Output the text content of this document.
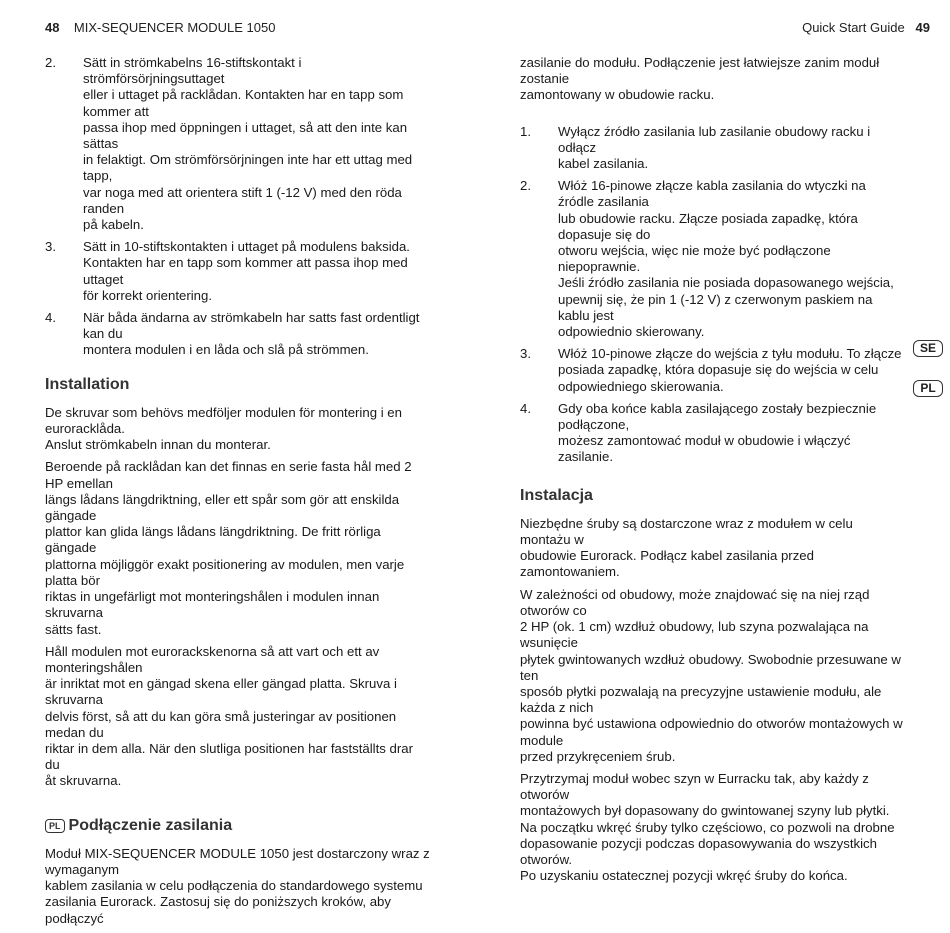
48 MIX-SEQUENCER MODULE 1050	Quick Start Guide 49
2. Sätt in strömkabelns 16-stiftskontakt i strömförsörjningsuttaget
eller i uttaget på racklådan. Kontakten har en tapp som kommer att
passa ihop med öppningen i uttaget, så att den inte kan sättas
in felaktigt. Om strömförsörjningen inte har ett uttag med tapp,
var noga med att orientera stift 1 (-12 V) med den röda randen
på kabeln.
3. Sätt in 10-stiftskontakten i uttaget på modulens baksida.
Kontakten har en tapp som kommer att passa ihop med uttaget
för korrekt orientering.
4. När båda ändarna av strömkabeln har satts fast ordentligt kan du
montera modulen i en låda och slå på strömmen.
Installation

De skruvar som behövs medföljer modulen för montering i en euroracklåda.
Anslut strömkabeln innan du monterar.

Beroende på racklådan kan det finnas en serie fasta hål med 2 HP emellan
längs lådans längdriktning, eller ett spår som gör att enskilda gängade
plattor kan glida längs lådans längdriktning. De fritt rörliga gängade
plattorna möjliggör exakt positionering av modulen, men varje platta bör
riktas in ungefärligt mot monteringshålen i modulen innan skruvarna
sätts fast.

Håll modulen mot eurorackskenorna så att vart och ett av monteringshålen
är inriktat mot en gängad skena eller gängad platta. Skruva i skruvarna
delvis först, så att du kan göra små justeringar av positionen medan du
riktar in dem alla. När den slutliga positionen har fastställts drar du
åt skruvarna.

PL Podłączenie zasilania

Moduł MIX-SEQUENCER MODULE 1050 jest dostarczony wraz z wymaganym
kablem zasilania w celu podłączenia do standardowego systemu
zasilania Eurorack. Zastosuj się do poniższych kroków, aby podłączyć

zasilanie do modułu. Podłączenie jest łatwiejsze zanim moduł zostanie
zamontowany w obudowie racku.

1. Wyłącz źródło zasilania lub zasilanie obudowy racku i odłącz
kabel zasilania.
2. Włóż 16-pinowe złącze kabla zasilania do wtyczki na źródle zasilania
lub obudowie racku. Złącze posiada zapadkę, która dopasuje się do
otworu wejścia, więc nie może być podłączone niepoprawnie.
Jeśli źródło zasilania nie posiada dopasowanego wejścia,
upewnij się, że pin 1 (-12 V) z czerwonym paskiem na kablu jest
odpowiednio skierowany.
3. Włóż 10-pinowe złącze do wejścia z tyłu modułu. To złącze
posiada zapadkę, która dopasuje się do wejścia w celu
odpowiedniego skierowania.
4. Gdy oba końce kabla zasilającego zostały bezpiecznie podłączone,
możesz zamontować moduł w obudowie i włączyć zasilanie.
Instalacja

Niezbędne śruby są dostarczone wraz z modułem w celu montażu w
obudowie Eurorack. Podłącz kabel zasilania przed zamontowaniem.

W zależności od obudowy, może znajdować się na niej rząd otworów co
2 HP (ok. 1 cm) wzdłuż obudowy, lub szyna pozwalająca na wsunięcie
płytek gwintowanych wzdłuż obudowy. Swobodnie przesuwane w ten
sposób płytki pozwalają na precyzyjne ustawienie modułu, ale każda z nich
powinna być ustawiona odpowiednio do otworów montażowych w module
przed przykręceniem śrub.

Przytrzymaj moduł wobec szyn w Eurracku tak, aby każdy z otworów
montażowych był dopasowany do gwintowanej szyny lub płytki.
Na początku wkręć śruby tylko częściowo, co pozwoli na drobne
dopasowanie pozycji podczas dopasowywania do wszystkich otworów.
Po uzyskaniu ostatecznej pozycji wkręć śruby do końca.

SE
PL
